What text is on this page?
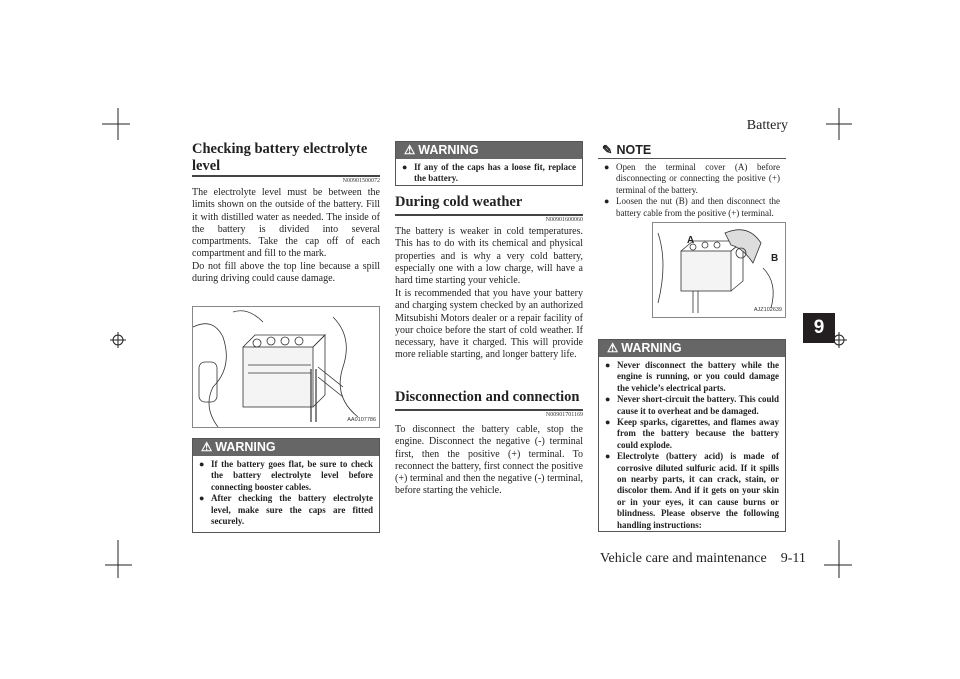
Battery
9
Vehicle care and maintenance    9-11
Checking battery electrolyte level
N00901500072
The electrolyte level must be between the limits shown on the outside of the battery. Fill it with distilled water as needed. The inside of the battery is divided into several compartments. Take the cap off of each compartment and fill to the mark.
Do not fill above the top line because a spill during driving could cause damage.
AA0107786
⚠ WARNING
● If the battery goes flat, be sure to check the battery electrolyte level before connecting booster cables.
● After checking the battery electrolyte level, make sure the caps are fitted securely.
⚠ WARNING
● If any of the caps has a loose fit, replace the battery.
During cold weather
N00901600060
The battery is weaker in cold temperatures. This has to do with its chemical and physical properties and is why a very cold battery, especially one with a low charge, will have a hard time starting your vehicle.
It is recommended that you have your battery and charging system checked by an authorized Mitsubishi Motors dealer or a repair facility of your choice before the start of cold weather. If necessary, have it charged. This will provide more reliable starting, and longer battery life.
Disconnection and connection
N00901701169
To disconnect the battery cable, stop the engine. Disconnect the negative (-) terminal first, then the positive (+) terminal. To reconnect the battery, first connect the positive (+) terminal and then the negative (-) terminal, before starting the vehicle.
✎ NOTE
● Open the terminal cover (A) before disconnecting or connecting the positive (+) terminal of the battery.
● Loosen the nut (B) and then disconnect the battery cable from the positive (+) terminal.
A
B
AJZ102639
⚠ WARNING
● Never disconnect the battery while the engine is running, or you could damage the vehicle’s electrical parts.
● Never short-circuit the battery. This could cause it to overheat and be damaged.
● Keep sparks, cigarettes, and flames away from the battery because the battery could explode.
● Electrolyte (battery acid) is made of corrosive diluted sulfuric acid. If it spills on nearby parts, it can crack, stain, or discolor them. And if it gets on your skin or in your eyes, it can cause burns or blindness. Please observe the following handling instructions:
